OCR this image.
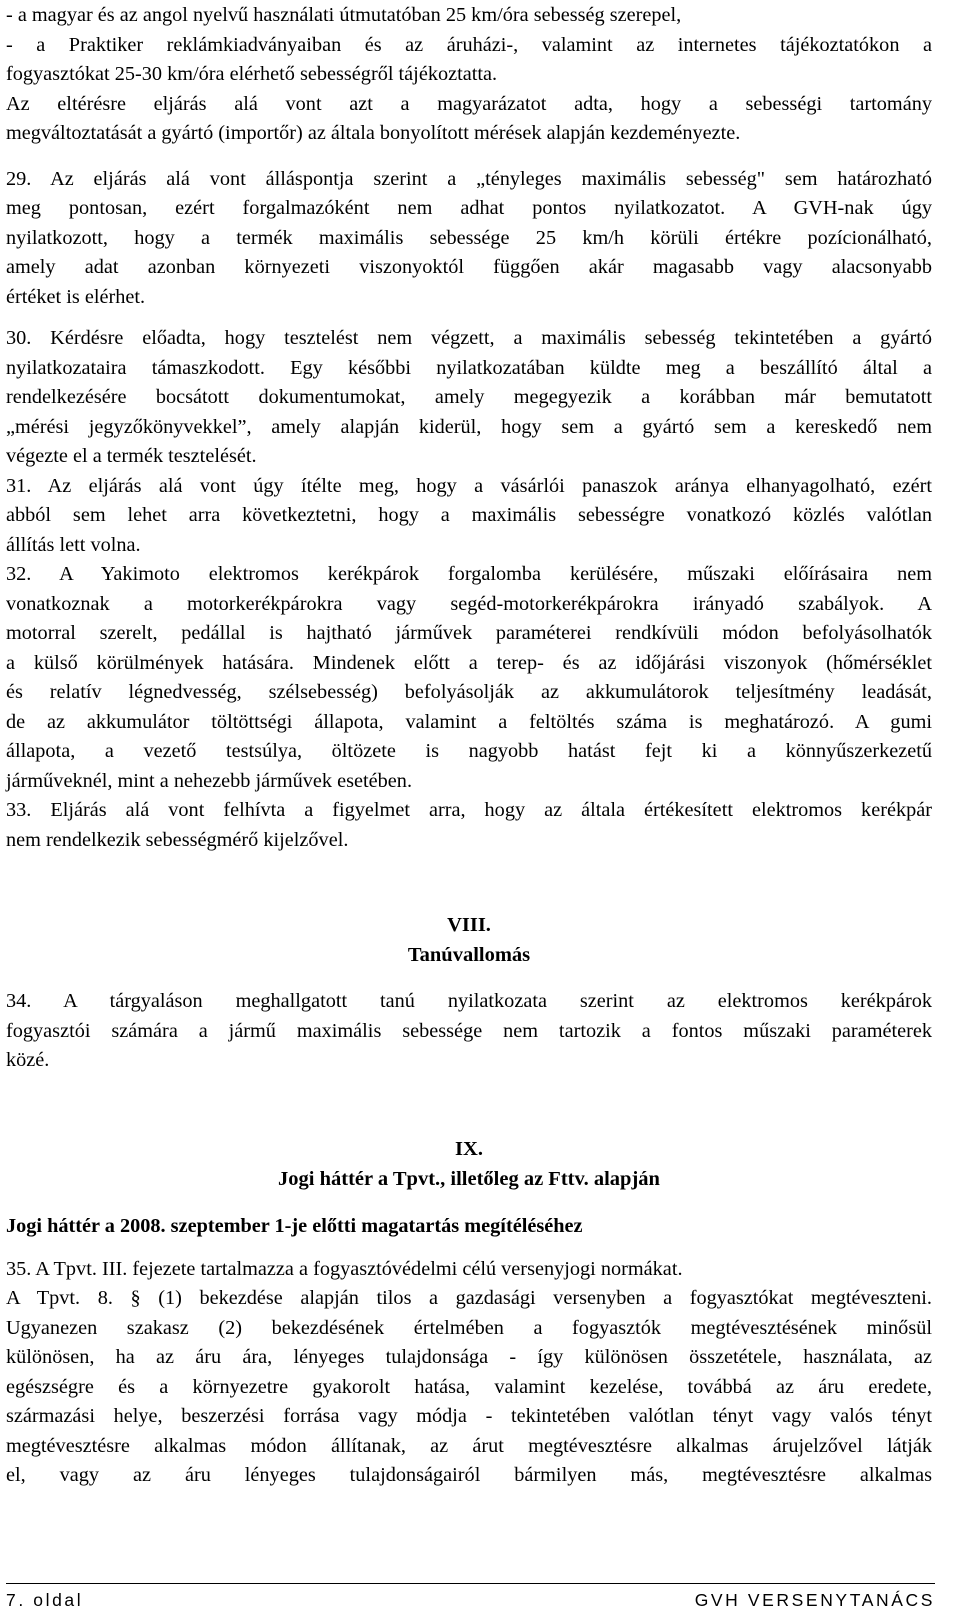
- a magyar és az angol nyelvű használati útmutatóban 25 km/óra sebesség szerepel,
- a Praktiker reklámkiadványaiban és az áruházi-, valamint az internetes tájékoztatókon a
fogyasztókat 25-30 km/óra elérhető sebességről tájékoztatta.
Az eltérésre eljárás alá vont azt a magyarázatot adta, hogy a sebességi tartomány
megváltoztatását a gyártó (importőr) az általa bonyolított mérések alapján kezdeményezte.
29. Az eljárás alá vont álláspontja szerint a „tényleges maximális sebesség" sem határozható
meg pontosan, ezért forgalmazóként nem adhat pontos nyilatkozatot. A GVH-nak úgy
nyilatkozott, hogy a termék maximális sebessége 25 km/h körüli értékre pozícionálható,
amely adat azonban környezeti viszonyoktól függően akár magasabb vagy alacsonyabb
értéket is elérhet.
30. Kérdésre előadta, hogy tesztelést nem végzett, a maximális sebesség tekintetében a gyártó
nyilatkozataira támaszkodott. Egy későbbi nyilatkozatában küldte meg a beszállító által a
rendelkezésére bocsátott dokumentumokat, amely megegyezik a korábban már bemutatott
„mérési jegyzőkönyvekkel”, amely alapján kiderül, hogy sem a gyártó sem a kereskedő nem
végezte el a termék tesztelését.
31. Az eljárás alá vont úgy ítélte meg, hogy a vásárlói panaszok aránya elhanyagolható, ezért
abból sem lehet arra következtetni, hogy a maximális sebességre vonatkozó közlés valótlan
állítás lett volna.
32. A Yakimoto elektromos kerékpárok forgalomba kerülésére, műszaki előírásaira nem
vonatkoznak a motorkerékpárokra vagy segéd-motorkerékpárokra irányadó szabályok. A
motorral szerelt, pedállal is hajtható járművek paraméterei rendkívüli módon befolyásolhatók
a külső körülmények hatására. Mindenek előtt a terep- és az időjárási viszonyok (hőmérséklet
és relatív légnedvesség, szélsebesség) befolyásolják az akkumulátorok teljesítmény leadását,
de az akkumulátor töltöttségi állapota, valamint a feltöltés száma is meghatározó. A gumi
állapota, a vezető testsúlya, öltözete is nagyobb hatást fejt ki a könnyűszerkezetű
járműveknél, mint a nehezebb járművek esetében.
33. Eljárás alá vont felhívta a figyelmet arra, hogy az általa értékesített elektromos kerékpár
nem rendelkezik sebességmérő kijelzővel.
VIII.
Tanúvallomás
34. A tárgyaláson meghallgatott tanú nyilatkozata szerint az elektromos kerékpárok
fogyasztói számára a jármű maximális sebessége nem tartozik a fontos műszaki paraméterek
közé.
IX.
Jogi háttér a Tpvt., illetőleg az Fttv. alapján
Jogi háttér a 2008. szeptember 1-je előtti magatartás megítéléséhez
35. A Tpvt. III. fejezete tartalmazza a fogyasztóvédelmi célú versenyjogi normákat.
A Tpvt. 8. § (1) bekezdése alapján tilos a gazdasági versenyben a fogyasztókat megtéveszteni.
Ugyanezen szakasz (2) bekezdésének értelmében a fogyasztók megtévesztésének minősül
különösen, ha az áru ára, lényeges tulajdonsága - így különösen összetétele, használata, az
egészségre és a környezetre gyakorolt hatása, valamint kezelése, továbbá az áru eredete,
származási helye, beszerzési forrása vagy módja - tekintetében valótlan tényt vagy valós tényt
megtévesztésre alkalmas módon állítanak, az árut megtévesztésre alkalmas árujelzővel látják
el, vagy az áru lényeges tulajdonságairól bármilyen más, megtévesztésre alkalmas
7. oldal	GVH VERSENYTANÁCS
